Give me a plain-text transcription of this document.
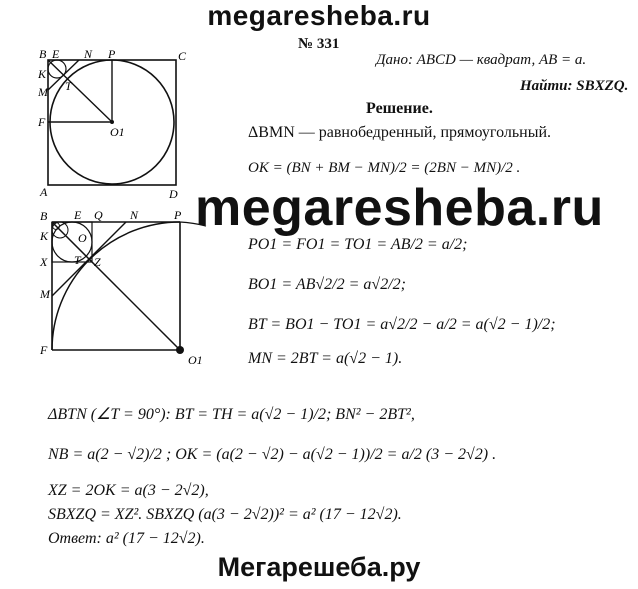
megaresheba.ru
B E N P	C
K
M T
F
O1
A	D
№ 331
Дано: ABCD — квадрат, AB = a.
Найти: SBXZQ.
Решение.
ΔBMN — равнобедренный, прямоугольный.
OK = (BN + BM − MN)/2 = (2BN − MN)/2 .
B E Q N	P
K O
X T Z
M
F
O1
megaresheba.ru
PO1 = FO1 = TO1 = AB/2 = a/2;
BO1 = AB√2/2 = a√2/2;
BT = BO1 − TO1 = a√2/2 − a/2 = a(√2 − 1)/2;
MN = 2BT = a(√2 − 1).
ΔBTN (∠T = 90°): BT = TH = a(√2 − 1)/2; BN² − 2BT²,
NB = a(2 − √2)/2 ; OK = (a(2 − √2) − a(√2 − 1))/2 = a/2 (3 − 2√2) .
XZ = 2OK = a(3 − 2√2),
SBXZQ = XZ². SBXZQ (a(3 − 2√2))² = a² (17 − 12√2).
Ответ: a² (17 − 12√2).
Мегарешеба.ру
